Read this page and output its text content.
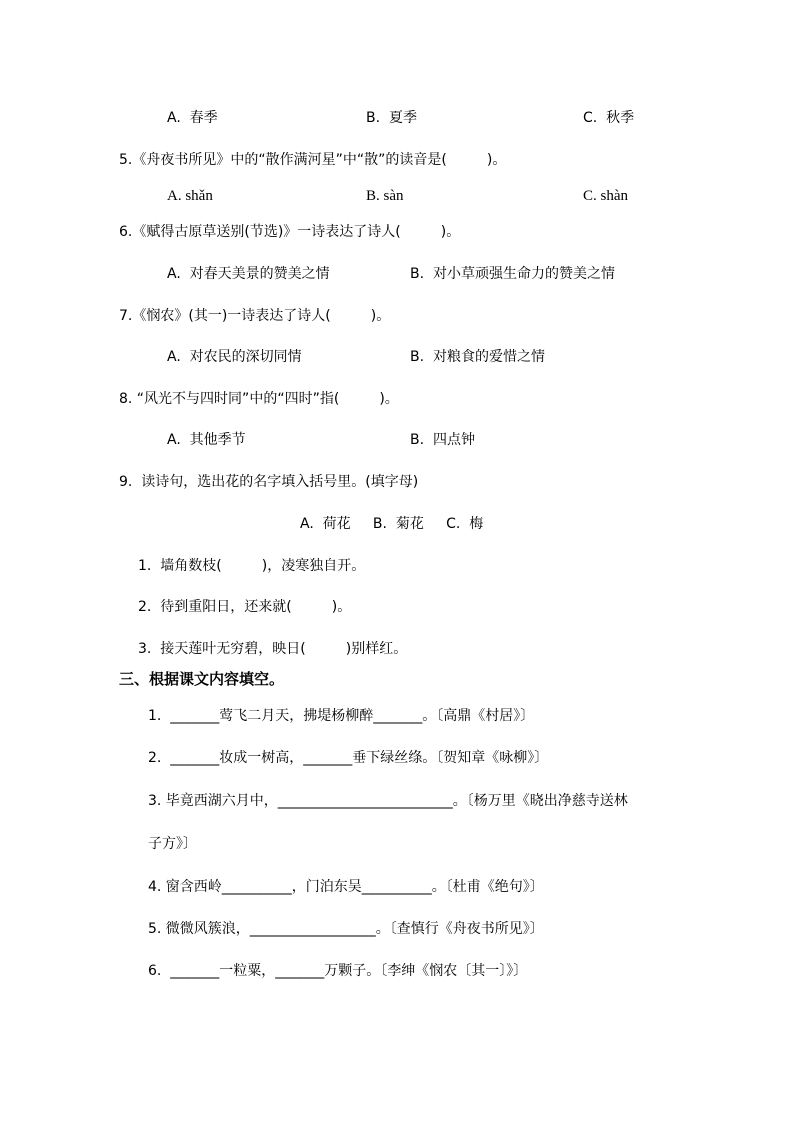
A.  春季	B.  夏季	C.  秋季
5.《舟夜书所见》中的“散作满河星”中“散”的读音是(         )。
A. shǎn	B. sàn	C. shàn
6.《赋得古原草送别(节选)》一诗表达了诗人(         )。
A.  对春天美景的赞美之情	B.  对小草顽强生命力的赞美之情
7.《悯农》(其一)一诗表达了诗人(         )。
A.  对农民的深切同情	B.  对粮食的爱惜之情
8. “风光不与四时同”中的“四时”指(         )。
A.  其他季节	B.  四点钟
9.  读诗句，选出花的名字填入括号里。(填字母)
A.  荷花     B.  菊花     C.  梅
1.  墙角数枝(         )，凌寒独自开。
2.  待到重阳日，还来就(         )。
3.  接天莲叶无穷碧，映日(         )别样红。
三、根据课文内容填空。
1.  _______莺飞二月天，拂堤杨柳醉_______。〔高鼎《村居》〕
2.  _______妆成一树高，_______垂下绿丝绦。〔贺知章《咏柳》〕
3. 毕竟西湖六月中，_________________________。〔杨万里《晓出净慈寺送林
子方》〕
4. 窗含西岭__________，门泊东吴__________。〔杜甫《绝句》〕
5. 微微风簇浪，__________________。〔查慎行《舟夜书所见》〕
6.  _______一粒粟，_______万颗子。〔李绅《悯农〔其一〕》〕
